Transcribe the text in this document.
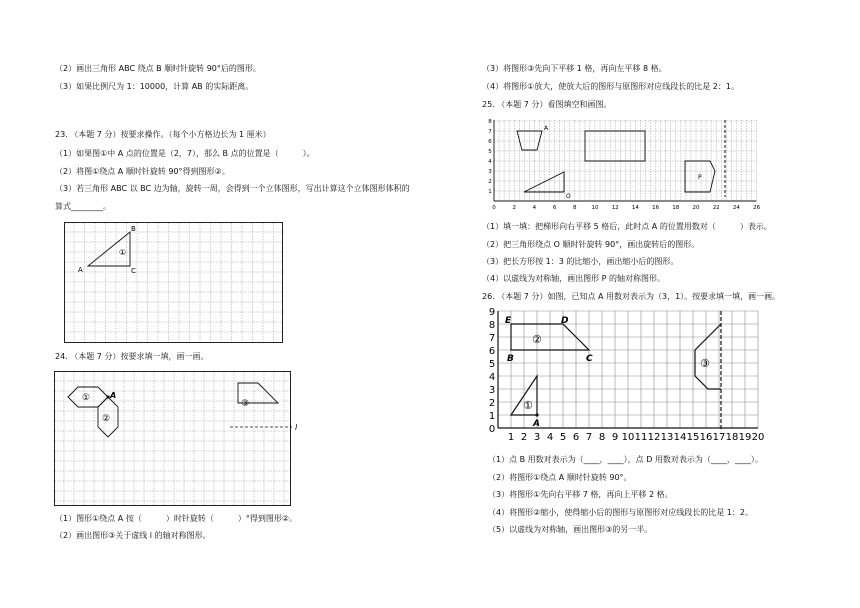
（2）画出三角形 ABC 绕点 B 顺时针旋转 90°后的图形。
（3）如果比例尺为 1：10000，计算 AB 的实际距离。
23. （本题 7 分）按要求操作。（每个小方格边长为 1 厘米）
（1）如果图①中 A 点的位置是（2，7），那么 B 点的位置是（　　　）。
（2）将图①绕点 A 顺时针旋转 90°得到图形②。
（3）若三角形 ABC 以 BC 边为轴，旋转一周，会得到一个立体图形，写出计算这个立体图形体积的
算式________。
B
A	C
①
24. （本题 7 分）按要求填一填，画一画。
①
②
③
A
l
（1）图形①绕点 A 按（　　　）时针旋转（　　　）°得到图形②。
（2）画出图形③关于虚线 l 的轴对称图形。
（3）将图形③先向下平移 1 格，再向左平移 8 格。
（4）将图形①放大，使放大后的图形与原图形对应线段长的比是 2：1。
25. （本题 7 分）看图填空和画图。
1
2
3
4
5
6
7
8
0	2	4	6	8	10 12 14 16 18 20 22 24 26
A
O
P
（1）填一填：把梯形向右平移 5 格后，此时点 A 的位置用数对（　　　）表示。
（2）把三角形绕点 O 顺时针旋转 90°，画出旋转后的图形。
（3）把长方形按 1：3 的比缩小，画出缩小后的图形。
（4）以虚线为对称轴，画出图形 P 的轴对称图形。
26. （本题 7 分）如图，已知点 A 用数对表示为（3，1）。按要求填一填，画一画。
0
1
2
3
4
5
6
7
8
9
1 2 3 4 5 6 7 8 9 10 11 12 13 14 15 16 17 18 19 20
②
①
③
E	D
B	C
A
（1）点 B 用数对表示为（____，____），点 D 用数对表示为（____，____）。
（2）将图形①绕点 A 顺时针旋转 90°。
（3）将图形①先向右平移 7 格，再向上平移 2 格。
（4）将图形②缩小，使得缩小后的图形与原图形对应线段长的比是 1：2。
（5）以虚线为对称轴，画出图形③的另一半。
